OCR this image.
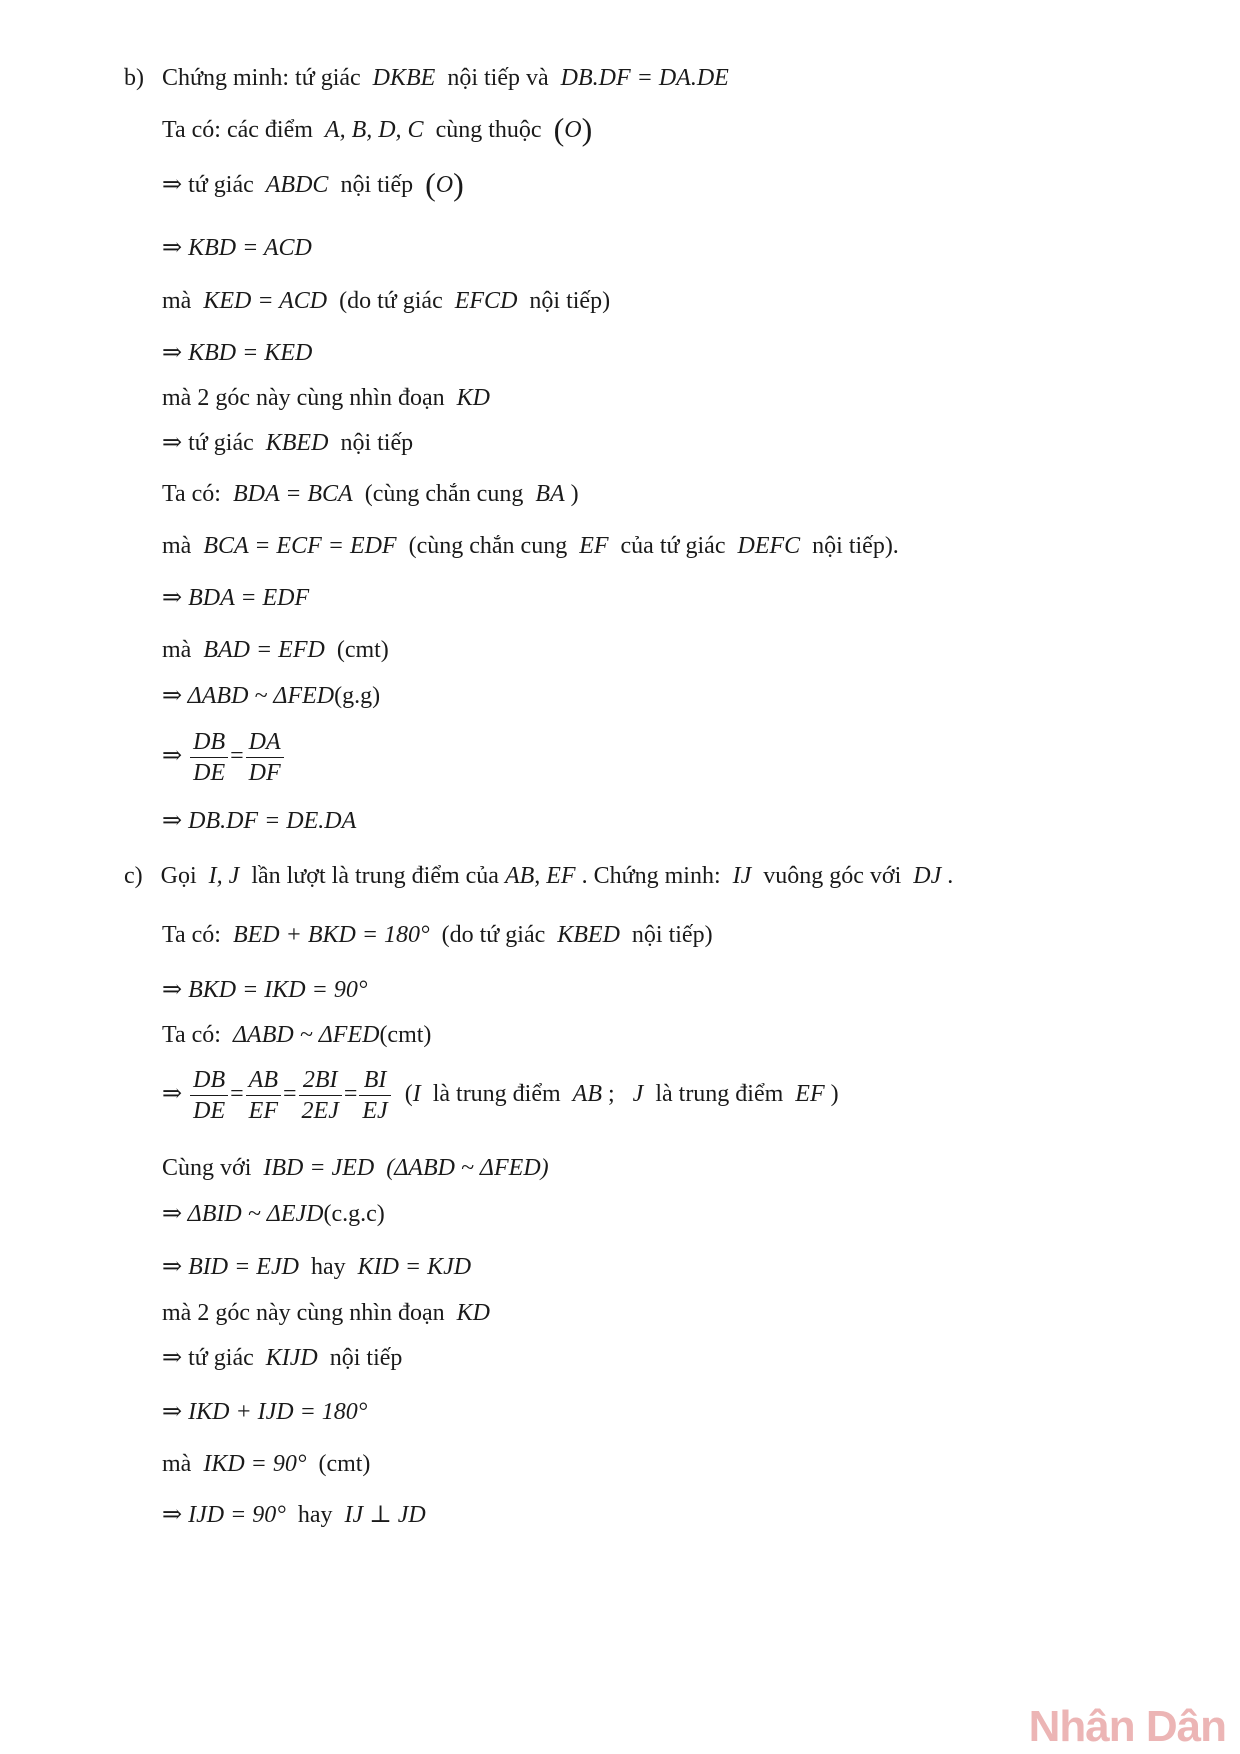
b) Chứng minh: tứ giác DKBE nội tiếp và DB.DF = DA.DE
Ta có: các điểm A, B, D, C cùng thuộc (O)
⇒ tứ giác ABDC nội tiếp (O)
⇒ KBD = ACD
mà KED = ACD (do tứ giác EFCD nội tiếp)
⇒ KBD = KED
mà 2 góc này cùng nhìn đoạn KD
⇒ tứ giác KBED nội tiếp
Ta có: BDA = BCA (cùng chắn cung BA )
mà BCA = ECF = EDF (cùng chắn cung EF của tứ giác DEFC nội tiếp).
⇒ BDA = EDF
mà BAD = EFD (cmt)
⇒ ΔABD ~ ΔFED(g.g)
⇒ $\frac{DB}{DE} = \frac{DA}{DF}$
⇒ DB.DF = DE.DA
c) Gọi I, J lần lượt là trung điểm của AB, EF . Chứng minh: IJ vuông góc với DJ .
Ta có: BED + BKD = 180° (do tứ giác KBED nội tiếp)
⇒ BKD = IKD = 90°
Ta có: ΔABD ~ ΔFED(cmt)
⇒ $\frac{DB}{DE} = \frac{AB}{EF} = \frac{2BI}{2EJ} = \frac{BI}{EJ} (I$ là trung điểm AB ; J là trung điểm EF )
Cùng với IBD = JED (ΔABD ~ ΔFED)
⇒ ΔBID ~ ΔEJD(c.g.c)
⇒ BID = EJD hay KID = KJD
mà 2 góc này cùng nhìn đoạn KD
⇒ tứ giác KIJD nội tiếp
⇒ IKD + IJD = 180°
mà IKD = 90° (cmt)
⇒ IJD = 90° hay IJ ⊥ JD
Nhân Dân
